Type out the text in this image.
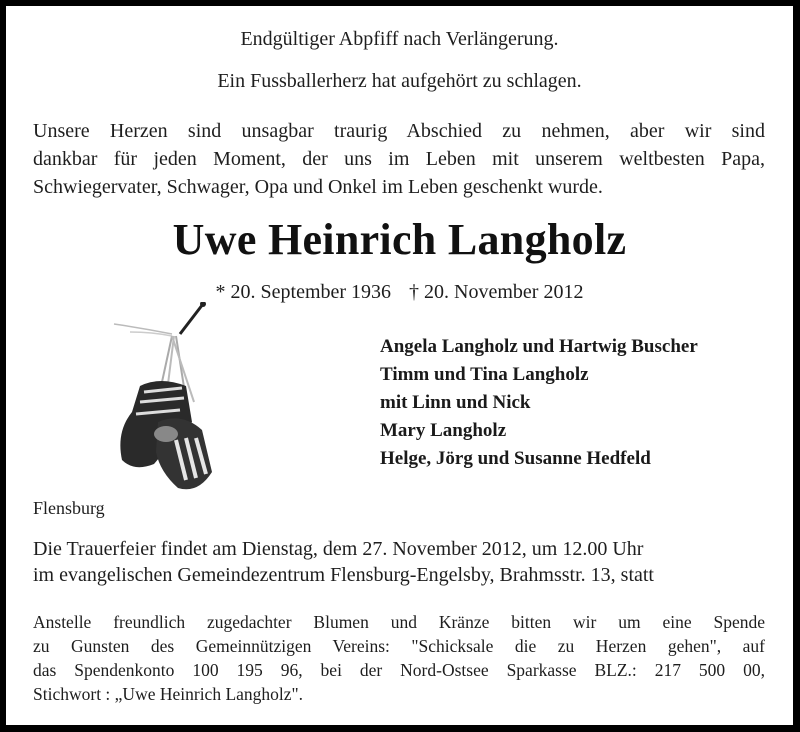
Endgültiger Abpfiff nach Verlängerung.
Ein Fussballerherz hat aufgehört zu schlagen.
Unsere Herzen sind unsagbar traurig Abschied zu nehmen, aber wir sind
dankbar für jeden Moment, der uns im Leben mit unserem weltbesten Papa,
Schwiegervater, Schwager, Opa und Onkel im Leben geschenkt wurde.
Uwe Heinrich Langholz
* 20. September 1936 † 20. November 2012
Angela Langholz und Hartwig Buscher
Timm und Tina Langholz
mit Linn und Nick
Mary Langholz
Helge, Jörg und Susanne Hedfeld
Flensburg
Die Trauerfeier findet am Dienstag, dem 27. November 2012, um 12.00 Uhr
im evangelischen Gemeindezentrum Flensburg-Engelsby, Brahmsstr. 13, statt
Anstelle freundlich zugedachter Blumen und Kränze bitten wir um eine Spende
zu Gunsten des Gemeinnützigen Vereins: "Schicksale die zu Herzen gehen", auf
das Spendenkonto 100 195 96, bei der Nord-Ostsee Sparkasse BLZ.: 217 500 00,
Stichwort : „Uwe Heinrich Langholz".
